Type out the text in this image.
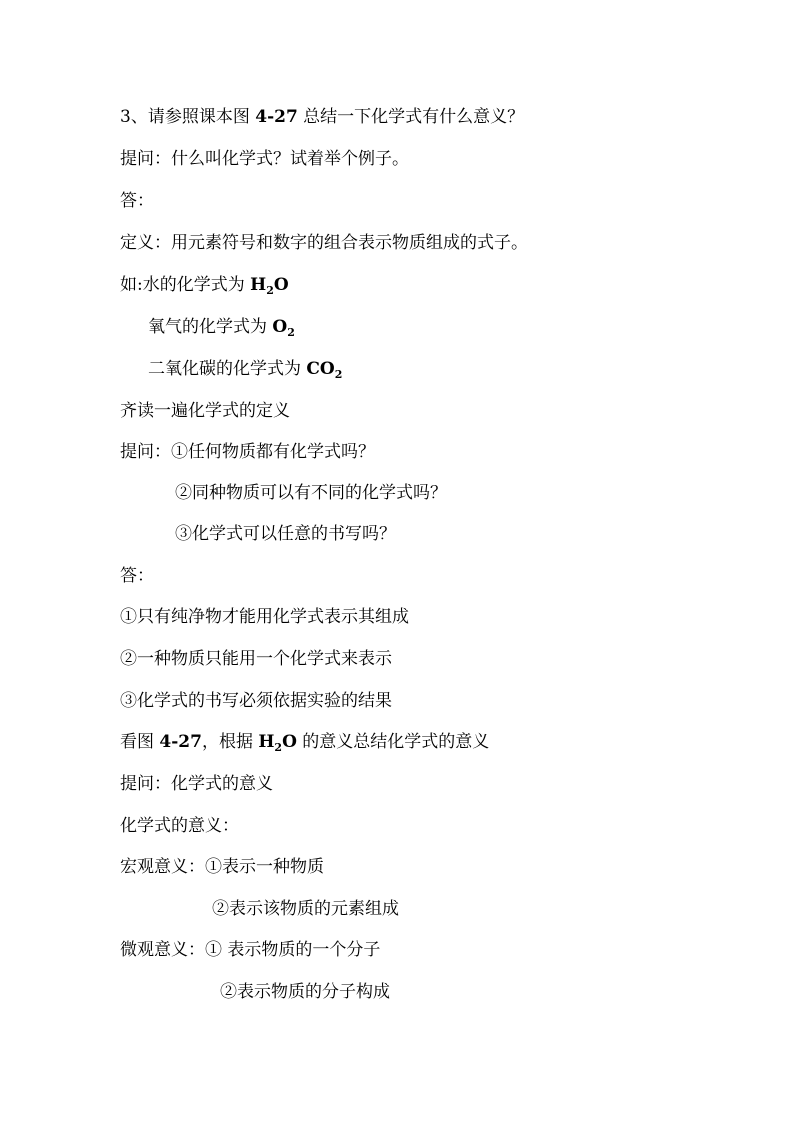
3、请参照课本图 4-27 总结一下化学式有什么意义？
提问：什么叫化学式？试着举个例子。
答：
定义：用元素符号和数字的组合表示物质组成的式子。
如:水的化学式为 $H_2O$
氧气的化学式为 $O_2$
二氧化碳的化学式为 $CO_2$
齐读一遍化学式的定义
提问：①任何物质都有化学式吗？
②同种物质可以有不同的化学式吗？
③化学式可以任意的书写吗？
答：
①只有纯净物才能用化学式表示其组成
②一种物质只能用一个化学式来表示
③化学式的书写必须依据实验的结果
看图 4-27，根据 $H_2O$ 的意义总结化学式的意义
提问：化学式的意义
化学式的意义：
宏观意义：①表示一种物质
②表示该物质的元素组成
微观意义：① 表示物质的一个分子
②表示物质的分子构成
